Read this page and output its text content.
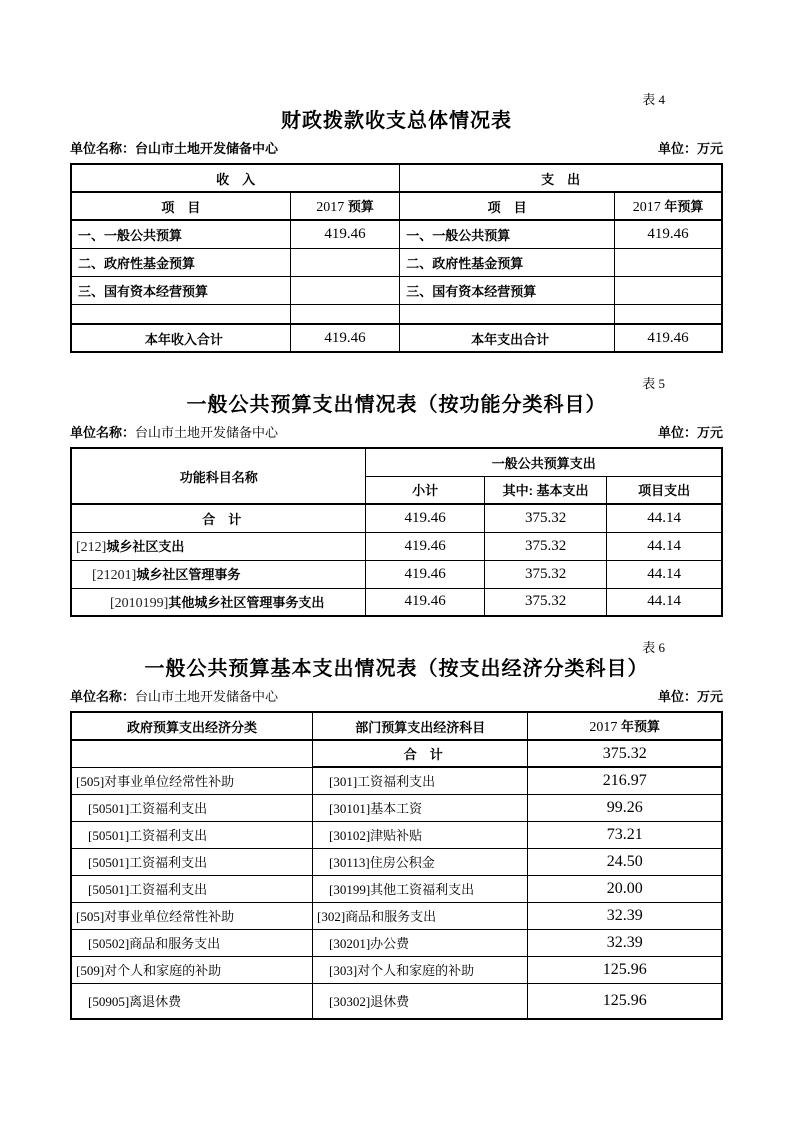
表 4
财政拨款收支总体情况表
单位名称：台山市土地开发储备中心	单位：万元
收　入		支　出	
项　目	2017 预算	项　目	2017 年预算
一、一般公共预算	419.46	一、一般公共预算	419.46
二、政府性基金预算		二、政府性基金预算	
三、国有资本经营预算		三、国有资本经营预算	

本年收入合计	419.46	本年支出合计	419.46
表 5
一般公共预算支出情况表（按功能分类科目）
单位名称：台山市土地开发储备中心	单位：万元
功能科目名称	一般公共预算支出		
	小计	其中: 基本支出	项目支出
合　计	419.46	375.32	44.14
[212]城乡社区支出	419.46	375.32	44.14
[21201]城乡社区管理事务	419.46	375.32	44.14
[2010199]其他城乡社区管理事务支出	419.46	375.32	44.14
表 6
一般公共预算基本支出情况表（按支出经济分类科目）
单位名称：台山市土地开发储备中心	单位：万元
政府预算支出经济分类	部门预算支出经济科目	2017 年预算
	合　计	375.32
[505]对事业单位经常性补助	[301]工资福利支出	216.97
[50501]工资福利支出	[30101]基本工资	99.26
[50501]工资福利支出	[30102]津贴补贴	73.21
[50501]工资福利支出	[30113]住房公积金	24.50
[50501]工资福利支出	[30199]其他工资福利支出	20.00
[505]对事业单位经常性补助	[302]商品和服务支出	32.39
[50502]商品和服务支出	[30201]办公费	32.39
[509]对个人和家庭的补助	[303]对个人和家庭的补助	125.96
[50905]离退休费	[30302]退休费	125.96
